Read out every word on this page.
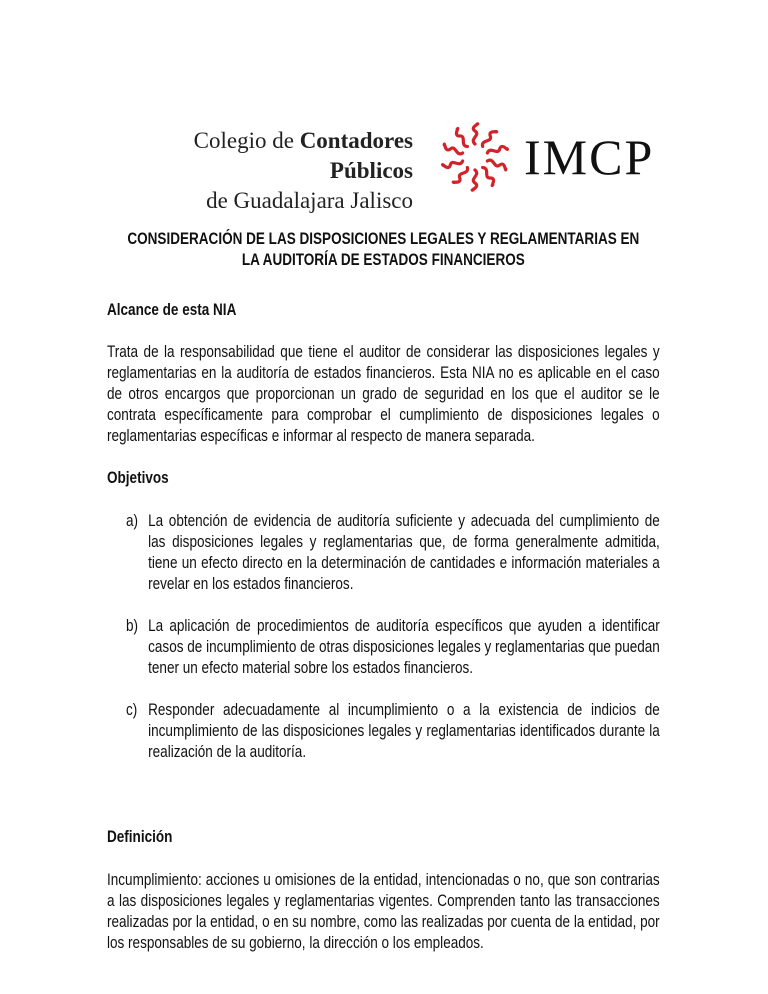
Colegio de Contadores Públicos
de Guadalajara Jalisco
IMCP
CONSIDERACIÓN DE LAS DISPOSICIONES LEGALES Y REGLAMENTARIAS EN
LA AUDITORÍA DE ESTADOS FINANCIEROS
Alcance de esta NIA
Trata de la responsabilidad que tiene el auditor de considerar las disposiciones legales y reglamentarias en la auditoría de estados financieros. Esta NIA no es aplicable en el caso de otros encargos que proporcionan un grado de seguridad en los que el auditor se le contrata específicamente para comprobar el cumplimiento de disposiciones legales o reglamentarias específicas e informar al respecto de manera separada.
Objetivos
a) La obtención de evidencia de auditoría suficiente y adecuada del cumplimiento de las disposiciones legales y reglamentarias que, de forma generalmente admitida, tiene un efecto directo en la determinación de cantidades e información materiales a revelar en los estados financieros.
b) La aplicación de procedimientos de auditoría específicos que ayuden a identificar casos de incumplimiento de otras disposiciones legales y reglamentarias que puedan tener un efecto material sobre los estados financieros.
c) Responder adecuadamente al incumplimiento o a la existencia de indicios de incumplimiento de las disposiciones legales y reglamentarias identificados durante la realización de la auditoría.
Definición
Incumplimiento: acciones u omisiones de la entidad, intencionadas o no, que son contrarias a las disposiciones legales y reglamentarias vigentes. Comprenden tanto las transacciones realizadas por la entidad, o en su nombre, como las realizadas por cuenta de la entidad, por los responsables de su gobierno, la dirección o los empleados.
